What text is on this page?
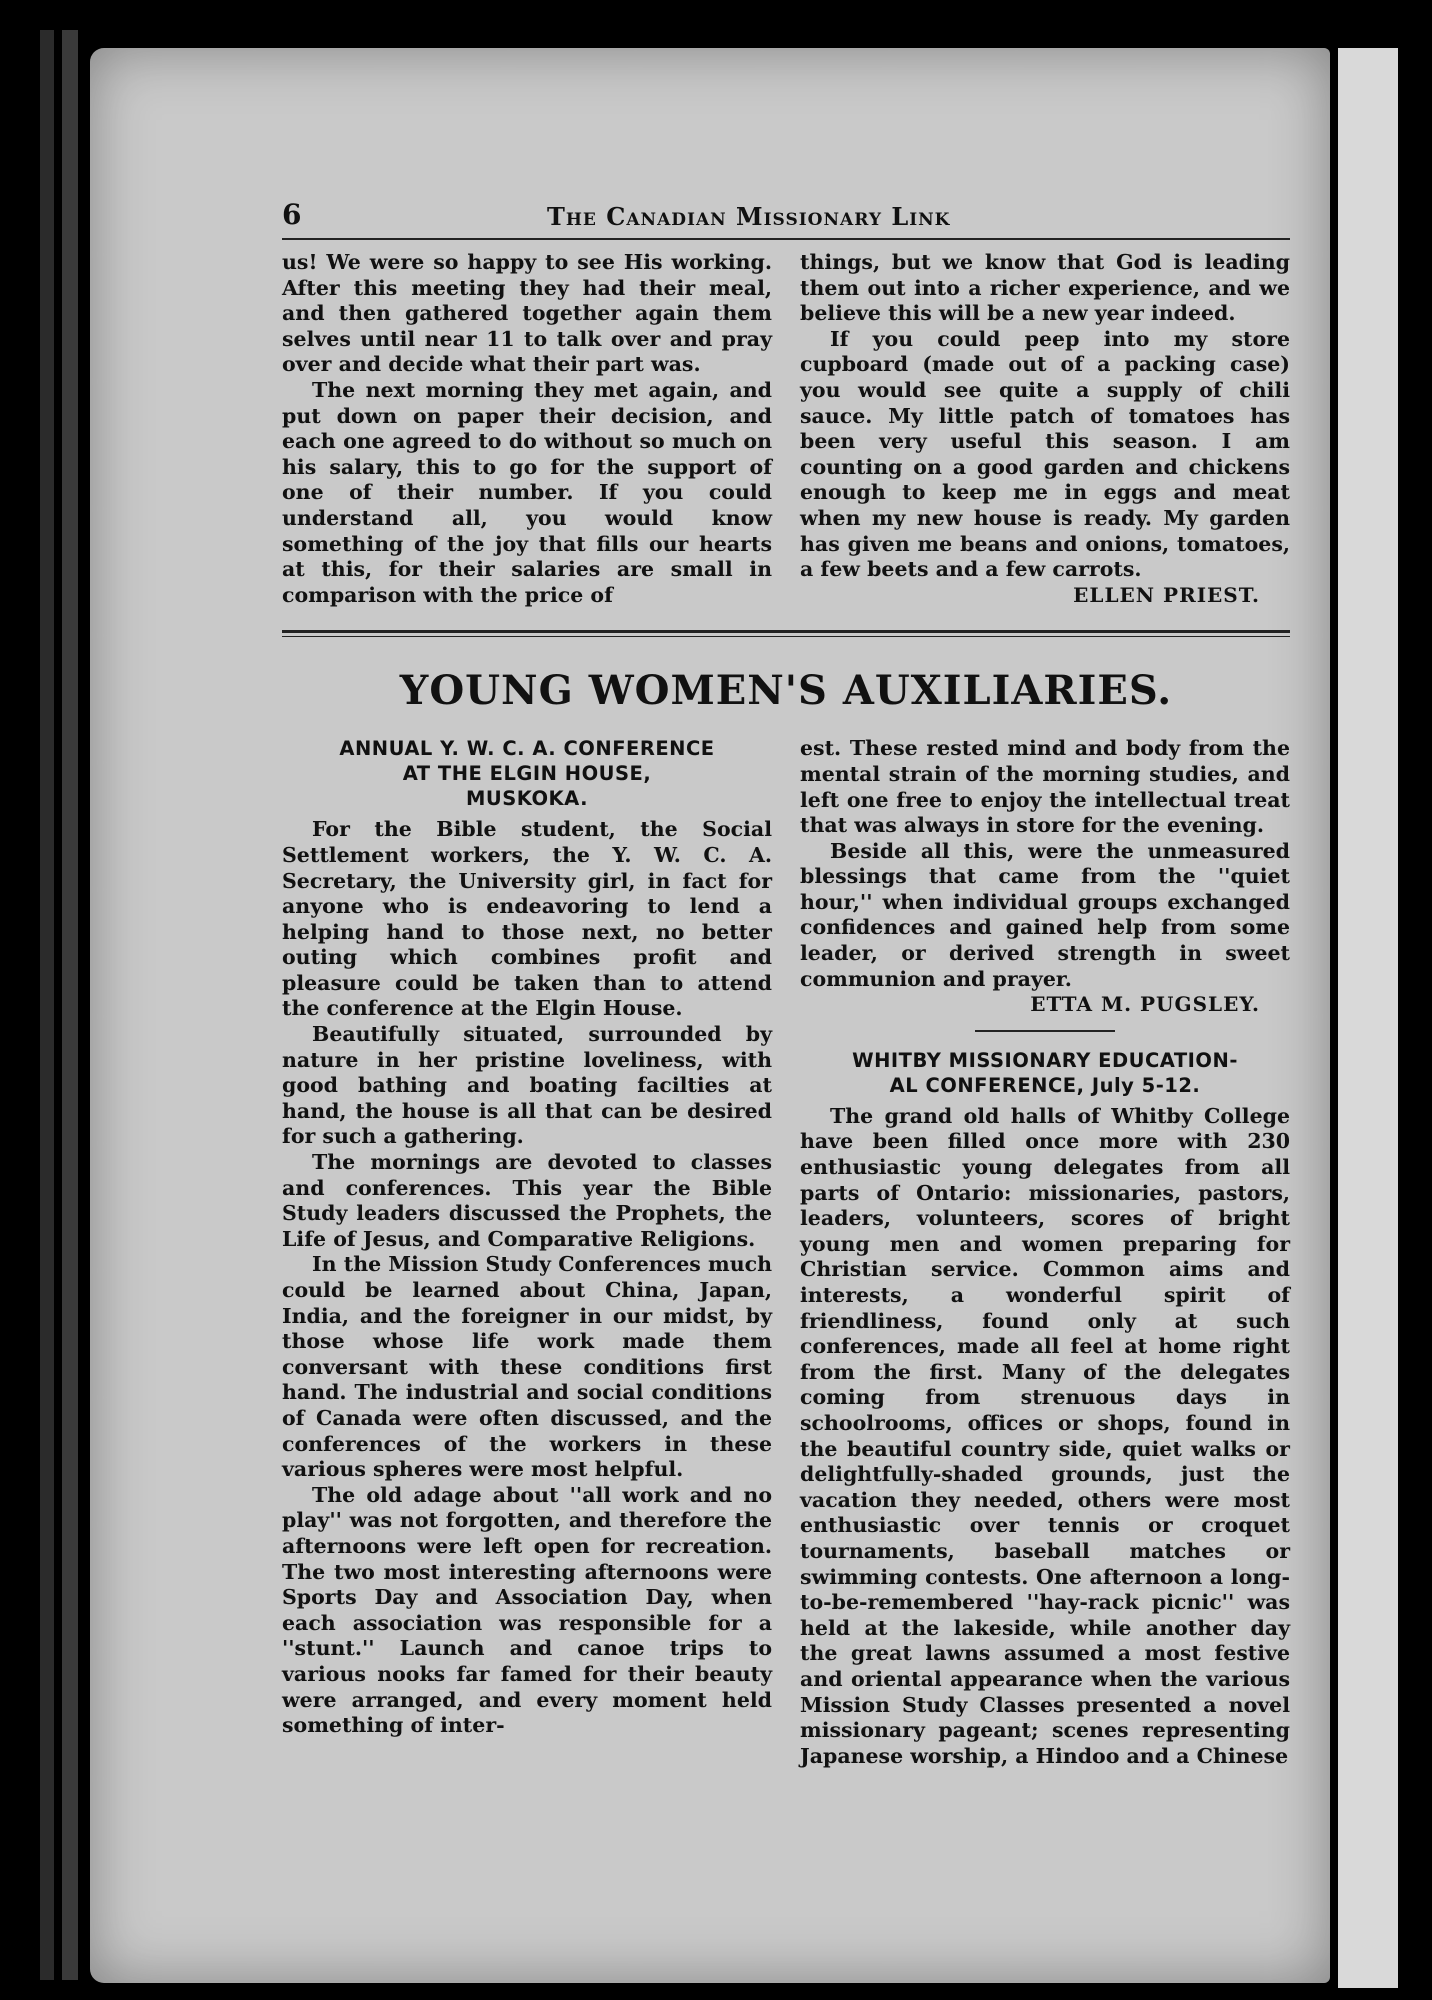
6	The Canadian Missionary Link

us! We were so happy to see His working. After this meeting they had their meal, and then gathered together again them selves until near 11 to talk over and pray over and decide what their part was.

The next morning they met again, and put down on paper their decision, and each one agreed to do without so much on his salary, this to go for the support of one of their number. If you could understand all, you would know something of the joy that fills our hearts at this, for their salaries are small in comparison with the price of

things, but we know that God is leading them out into a richer experience, and we believe this will be a new year indeed.

If you could peep into my store cupboard (made out of a packing case) you would see quite a supply of chili sauce. My little patch of tomatoes has been very useful this season. I am counting on a good garden and chickens enough to keep me in eggs and meat when my new house is ready. My garden has given me beans and onions, tomatoes, a few beets and a few carrots.

ELLEN PRIEST.

YOUNG WOMEN'S AUXILIARIES.
ANNUAL Y. W. C. A. CONFERENCE
AT THE ELGIN HOUSE,
MUSKOKA.

For the Bible student, the Social Settlement workers, the Y. W. C. A. Secretary, the University girl, in fact for anyone who is endeavoring to lend a helping hand to those next, no better outing which combines profit and pleasure could be taken than to attend the conference at the Elgin House.

Beautifully situated, surrounded by nature in her pristine loveliness, with good bathing and boating facilties at hand, the house is all that can be desired for such a gathering.

The mornings are devoted to classes and conferences. This year the Bible Study leaders discussed the Prophets, the Life of Jesus, and Comparative Religions.

In the Mission Study Conferences much could be learned about China, Japan, India, and the foreigner in our midst, by those whose life work made them conversant with these conditions first hand. The industrial and social conditions of Canada were often discussed, and the conferences of the workers in these various spheres were most helpful.

The old adage about ''all work and no play'' was not forgotten, and therefore the afternoons were left open for recreation. The two most interesting afternoons were Sports Day and Association Day, when each association was responsible for a ''stunt.'' Launch and canoe trips to various nooks far famed for their beauty were arranged, and every moment held something of inter-

est. These rested mind and body from the mental strain of the morning studies, and left one free to enjoy the intellectual treat that was always in store for the evening.

Beside all this, were the unmeasured blessings that came from the ''quiet hour,'' when individual groups exchanged confidences and gained help from some leader, or derived strength in sweet communion and prayer.

ETTA M. PUGSLEY.

WHITBY MISSIONARY EDUCATION-
AL CONFERENCE, July 5-12.

The grand old halls of Whitby College have been filled once more with 230 enthusiastic young delegates from all parts of Ontario: missionaries, pastors, leaders, volunteers, scores of bright young men and women preparing for Christian service. Common aims and interests, a wonderful spirit of friendliness, found only at such conferences, made all feel at home right from the first. Many of the delegates coming from strenuous days in schoolrooms, offices or shops, found in the beautiful country side, quiet walks or delightfully-shaded grounds, just the vacation they needed, others were most enthusiastic over tennis or croquet tournaments, baseball matches or swimming contests. One afternoon a long-to-be-remembered ''hay-rack picnic'' was held at the lakeside, while another day the great lawns assumed a most festive and oriental appearance when the various Mission Study Classes presented a novel missionary pageant; scenes representing Japanese worship, a Hindoo and a Chinese
